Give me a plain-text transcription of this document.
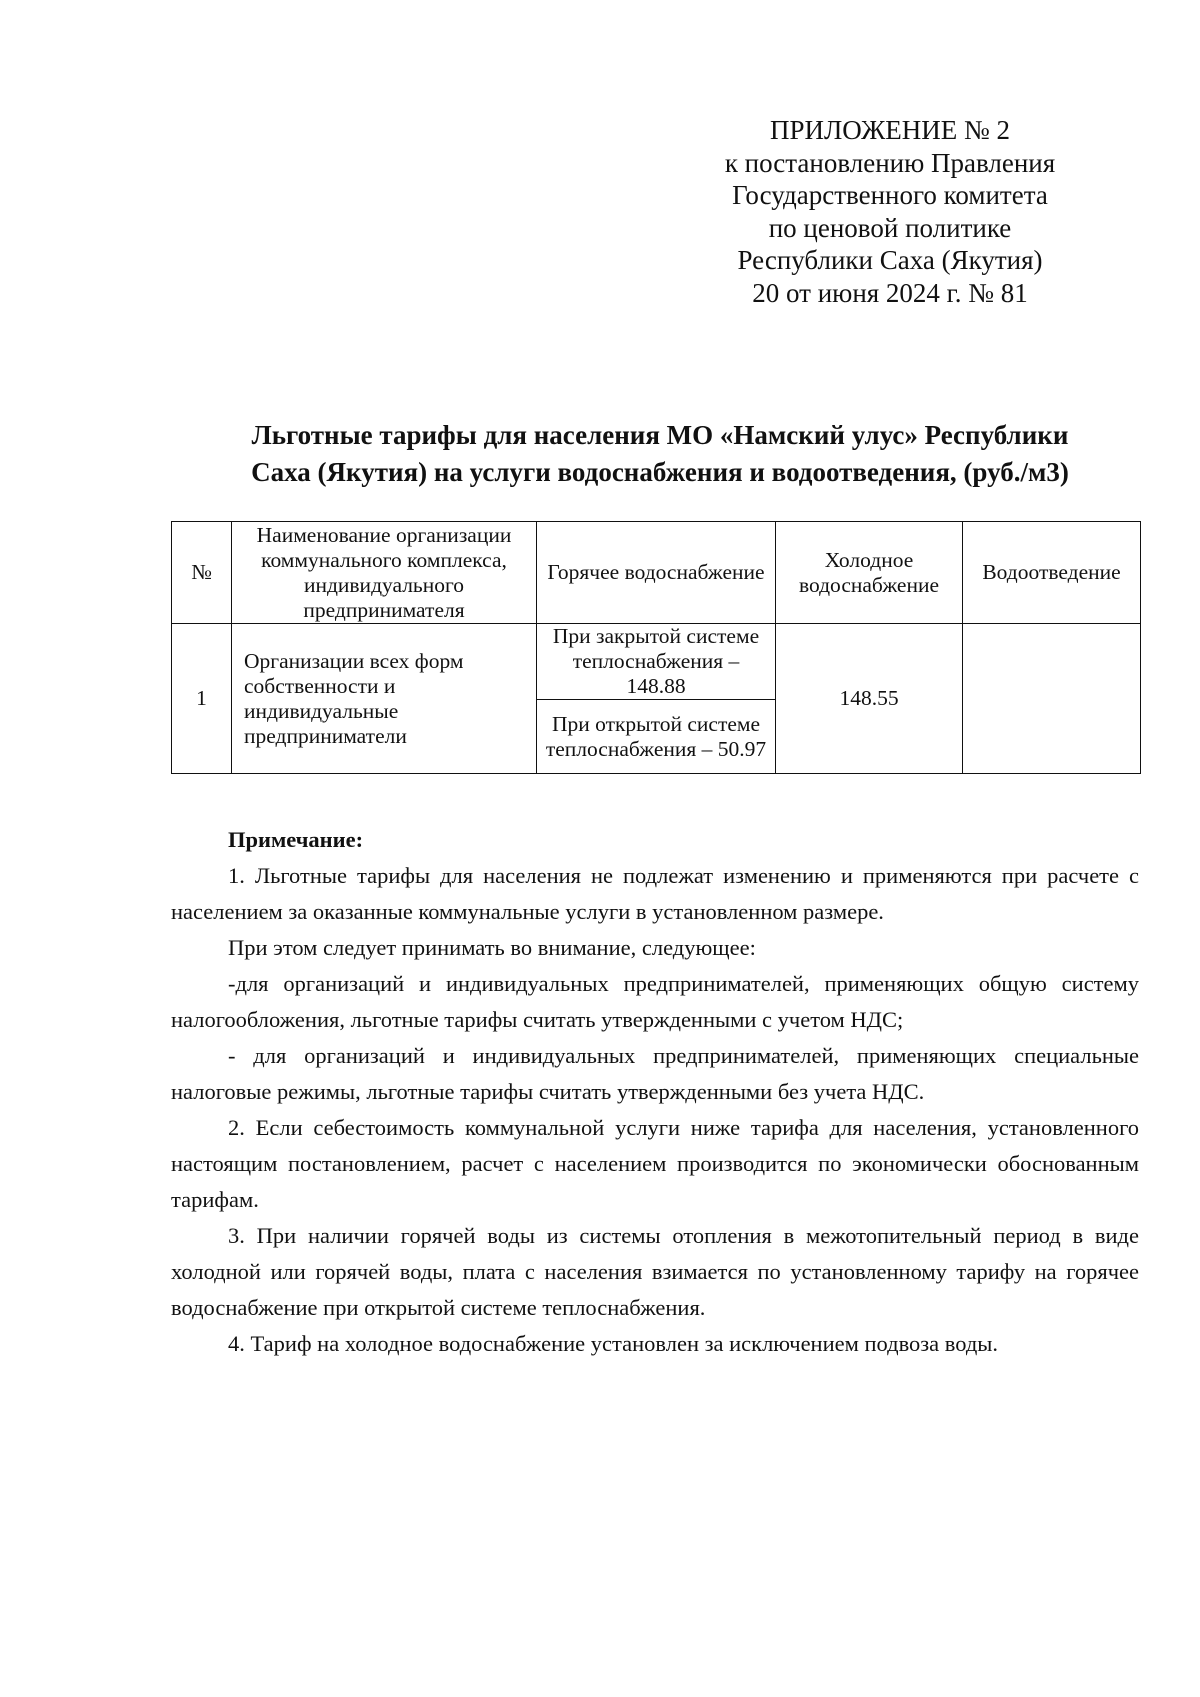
ПРИЛОЖЕНИЕ № 2
к постановлению Правления
Государственного комитета
по ценовой политике
Республики Саха (Якутия)
20 от июня 2024 г. № 81
Льготные тарифы для населения МО «Намский улус» Республики
Саха (Якутия) на услуги водоснабжения и водоотведения, (руб./м3)
№	Наименование организации коммунального комплекса, индивидуального предпринимателя	Горячее водоснабжение	Холодное водоснабжение	Водоотведение
1	Организации всех форм собственности и индивидуальные предприниматели	При закрытой системе теплоснабжения – 148.88	148.55	
		При открытой системе теплоснабжения – 50.97		
Примечание:

1. Льготные тарифы для населения не подлежат изменению и применяются при расчете с населением за оказанные коммунальные услуги в установленном размере.

При этом следует принимать во внимание, следующее:

-для организаций и индивидуальных предпринимателей, применяющих общую систему налогообложения, льготные тарифы считать утвержденными с учетом НДС;

- для организаций и индивидуальных предпринимателей, применяющих специальные налоговые режимы, льготные тарифы считать утвержденными без учета НДС.

2. Если себестоимость коммунальной услуги ниже тарифа для населения, установленного настоящим постановлением, расчет с населением производится по экономически обоснованным тарифам.

3. При наличии горячей воды из системы отопления в межотопительный период в виде холодной или горячей воды, плата с населения взимается по установленному тарифу на горячее водоснабжение при открытой системе теплоснабжения.

4. Тариф на холодное водоснабжение установлен за исключением подвоза воды.
